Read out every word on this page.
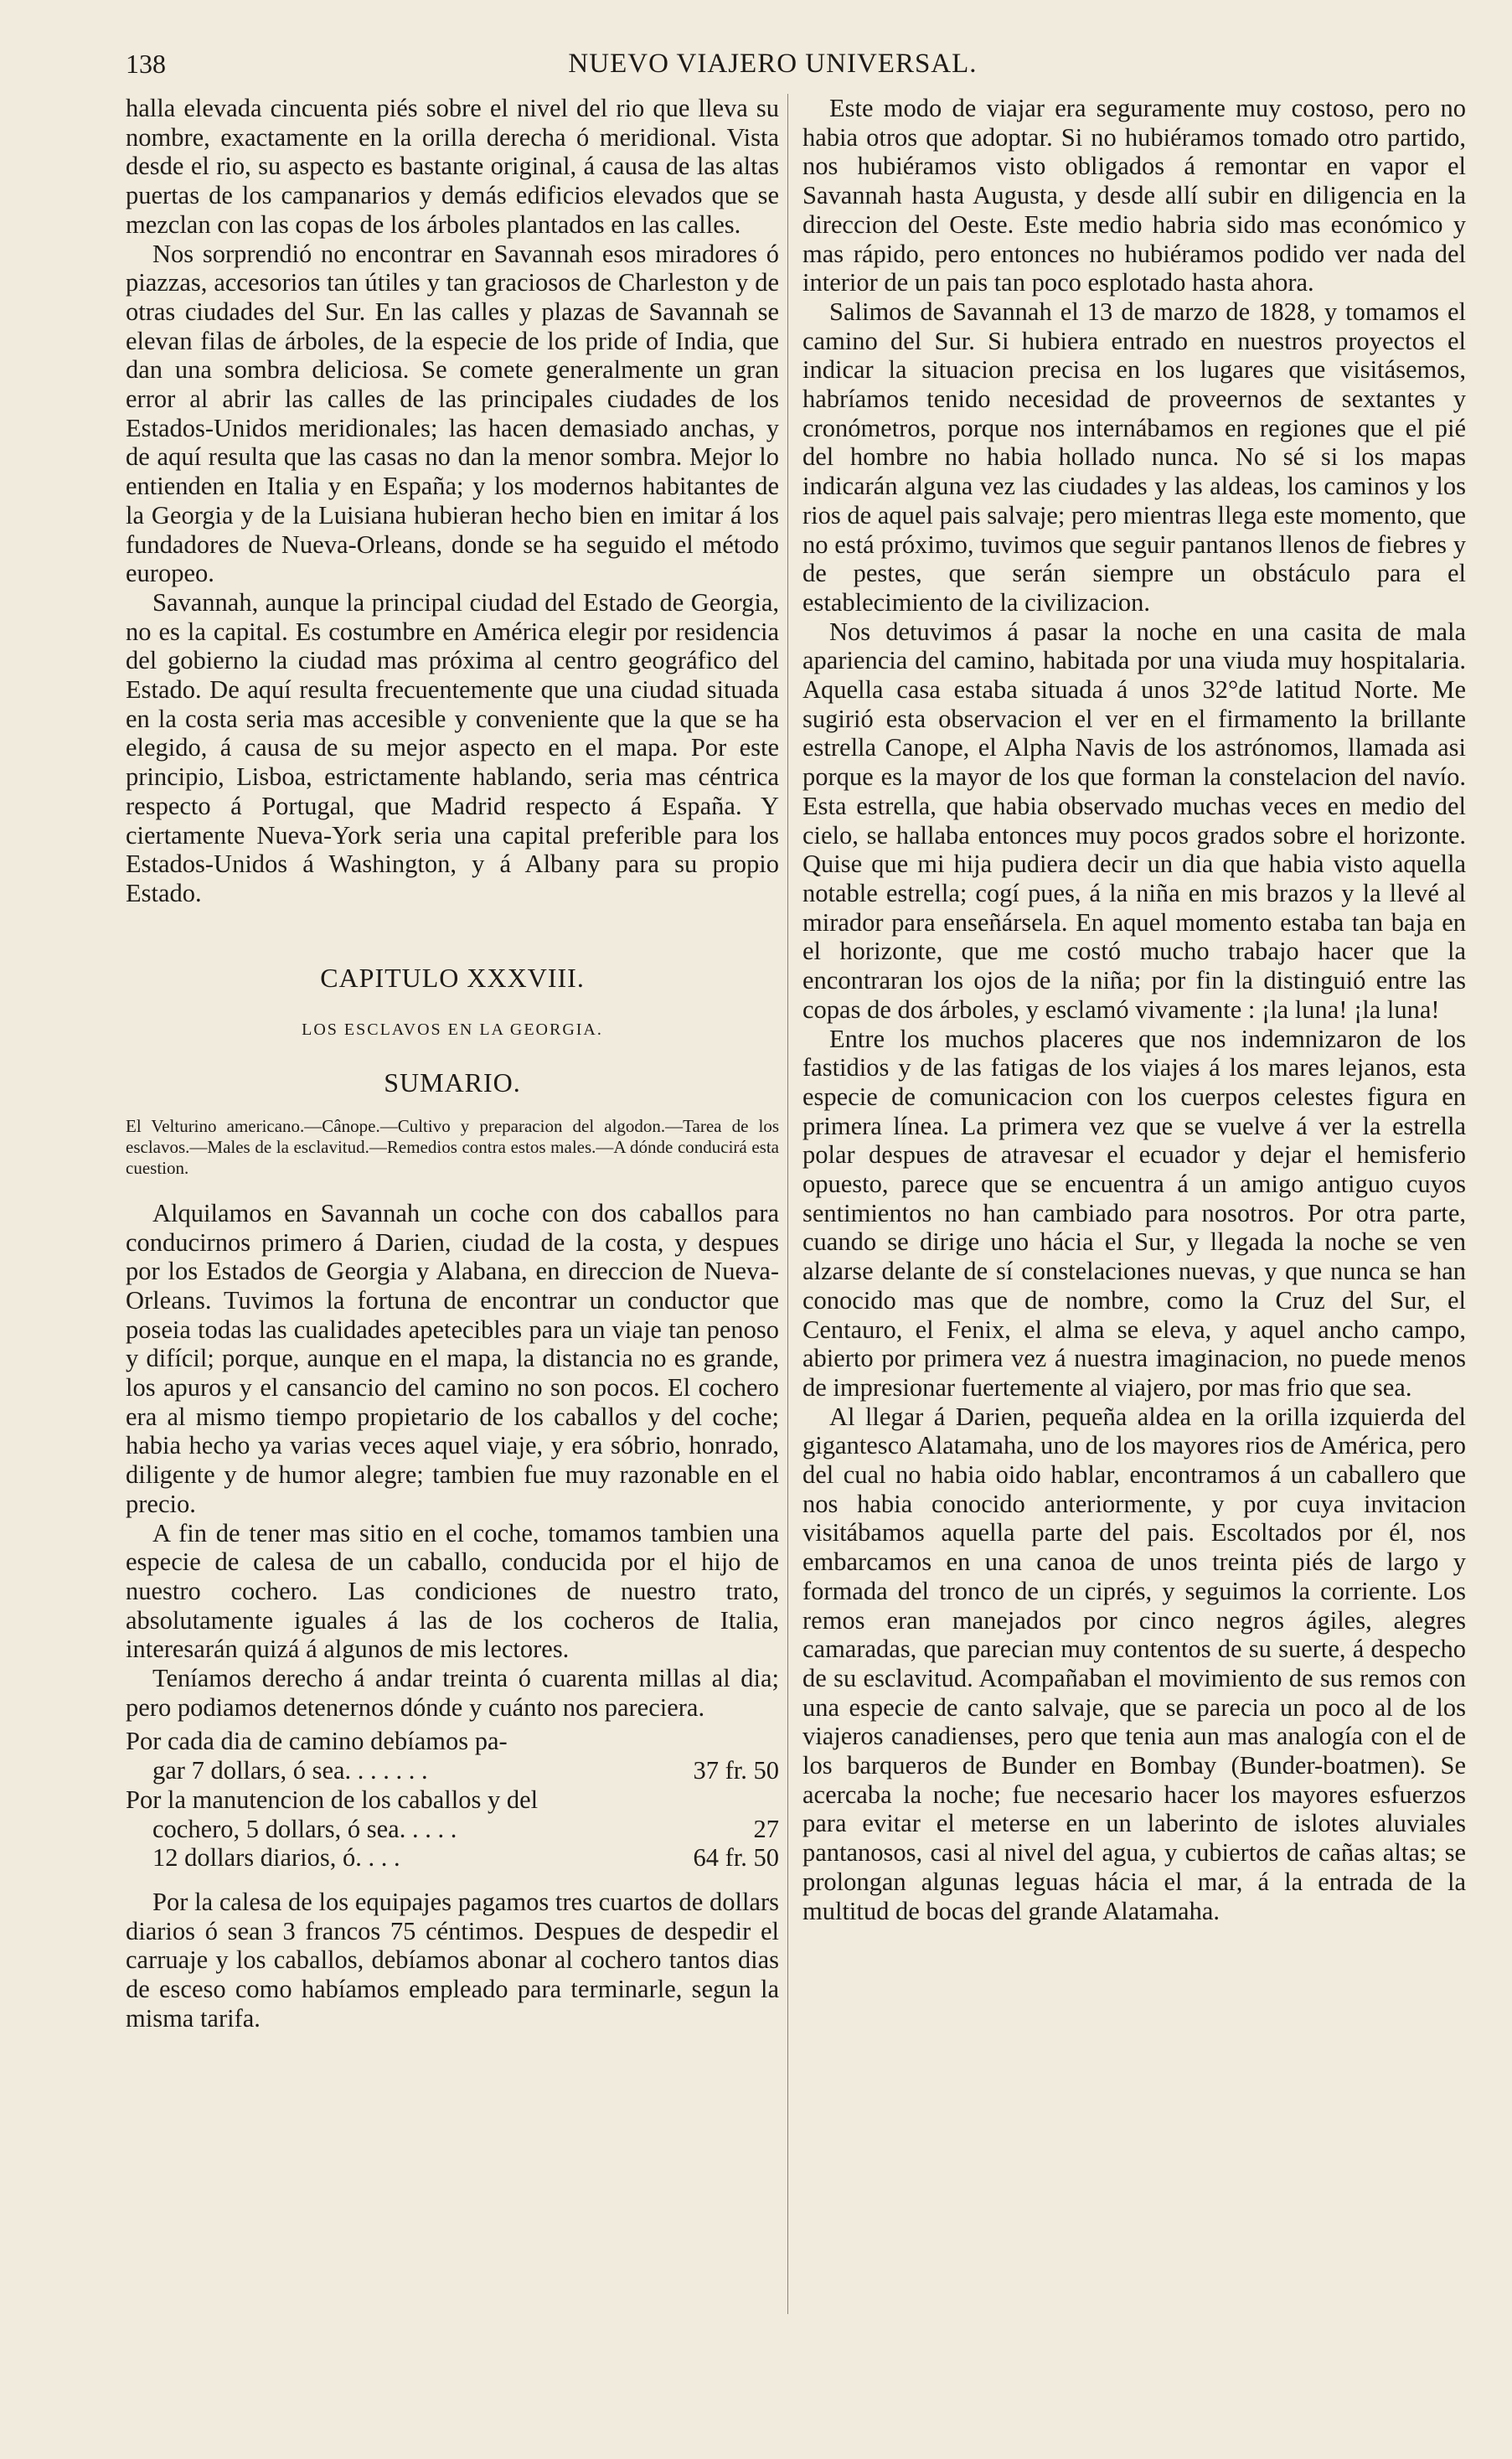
138	NUEVO VIAJERO UNIVERSAL.

halla elevada cincuenta piés sobre el nivel del rio que lleva su nombre, exactamente en la orilla derecha ó meridional. Vista desde el rio, su aspecto es bastante original, á causa de las altas puertas de los campanarios y demás edificios elevados que se mezclan con las copas de los árboles plantados en las calles.

Nos sorprendió no encontrar en Savannah esos miradores ó piazzas, accesorios tan útiles y tan graciosos de Charleston y de otras ciudades del Sur. En las calles y plazas de Savannah se elevan filas de árboles, de la especie de los pride of India, que dan una sombra deliciosa. Se comete generalmente un gran error al abrir las calles de las principales ciudades de los Estados-Unidos meridionales; las hacen demasiado anchas, y de aquí resulta que las casas no dan la menor sombra. Mejor lo entienden en Italia y en España; y los modernos habitantes de la Georgia y de la Luisiana hubieran hecho bien en imitar á los fundadores de Nueva-Orleans, donde se ha seguido el método europeo.

Savannah, aunque la principal ciudad del Estado de Georgia, no es la capital. Es costumbre en América elegir por residencia del gobierno la ciudad mas próxima al centro geográfico del Estado. De aquí resulta frecuentemente que una ciudad situada en la costa seria mas accesible y conveniente que la que se ha elegido, á causa de su mejor aspecto en el mapa. Por este principio, Lisboa, estrictamente hablando, seria mas céntrica respecto á Portugal, que Madrid respecto á España. Y ciertamente Nueva-York seria una capital preferible para los Estados-Unidos á Washington, y á Albany para su propio Estado.

CAPITULO XXXVIII.
LOS ESCLAVOS EN LA GEORGIA.
SUMARIO.
El Velturino americano.—Cânope.—Cultivo y preparacion del algodon.—Tarea de los esclavos.—Males de la esclavitud.—Remedios contra estos males.—A dónde conducirá esta cuestion.

Alquilamos en Savannah un coche con dos caballos para conducirnos primero á Darien, ciudad de la costa, y despues por los Estados de Georgia y Alabana, en direccion de Nueva-Orleans. Tuvimos la fortuna de encontrar un conductor que poseia todas las cualidades apetecibles para un viaje tan penoso y difícil; porque, aunque en el mapa, la distancia no es grande, los apuros y el cansancio del camino no son pocos. El cochero era al mismo tiempo propietario de los caballos y del coche; habia hecho ya varias veces aquel viaje, y era sóbrio, honrado, diligente y de humor alegre; tambien fue muy razonable en el precio.

A fin de tener mas sitio en el coche, tomamos tambien una especie de calesa de un caballo, conducida por el hijo de nuestro cochero. Las condiciones de nuestro trato, absolutamente iguales á las de los cocheros de Italia, interesarán quizá á algunos de mis lectores.

Teníamos derecho á andar treinta ó cuarenta millas al dia; pero podiamos detenernos dónde y cuánto nos pareciera.

Por cada dia de camino debíamos pa-
gar 7 dollars, ó sea. . . . . . .	37 fr. 50
Por la manutencion de los caballos y del
cochero, 5 dollars, ó sea. . . . .	27

12 dollars diarios, ó. . . .	64 fr. 50

Por la calesa de los equipajes pagamos tres cuartos de dollars diarios ó sean 3 francos 75 céntimos. Despues de despedir el carruaje y los caballos, debíamos abonar al cochero tantos dias de esceso como habíamos empleado para terminarle, segun la misma tarifa.

Este modo de viajar era seguramente muy costoso, pero no habia otros que adoptar. Si no hubiéramos tomado otro partido, nos hubiéramos visto obligados á remontar en vapor el Savannah hasta Augusta, y desde allí subir en diligencia en la direccion del Oeste. Este medio habria sido mas económico y mas rápido, pero entonces no hubiéramos podido ver nada del interior de un pais tan poco esplotado hasta ahora.

Salimos de Savannah el 13 de marzo de 1828, y tomamos el camino del Sur. Si hubiera entrado en nuestros proyectos el indicar la situacion precisa en los lugares que visitásemos, habríamos tenido necesidad de proveernos de sextantes y cronómetros, porque nos internábamos en regiones que el pié del hombre no habia hollado nunca. No sé si los mapas indicarán alguna vez las ciudades y las aldeas, los caminos y los rios de aquel pais salvaje; pero mientras llega este momento, que no está próximo, tuvimos que seguir pantanos llenos de fiebres y de pestes, que serán siempre un obstáculo para el establecimiento de la civilizacion.

Nos detuvimos á pasar la noche en una casita de mala apariencia del camino, habitada por una viuda muy hospitalaria. Aquella casa estaba situada á unos 32°de latitud Norte. Me sugirió esta observacion el ver en el firmamento la brillante estrella Canope, el Alpha Navis de los astrónomos, llamada asi porque es la mayor de los que forman la constelacion del navío. Esta estrella, que habia observado muchas veces en medio del cielo, se hallaba entonces muy pocos grados sobre el horizonte. Quise que mi hija pudiera decir un dia que habia visto aquella notable estrella; cogí pues, á la niña en mis brazos y la llevé al mirador para enseñársela. En aquel momento estaba tan baja en el horizonte, que me costó mucho trabajo hacer que la encontraran los ojos de la niña; por fin la distinguió entre las copas de dos árboles, y esclamó vivamente : ¡la luna! ¡la luna!

Entre los muchos placeres que nos indemnizaron de los fastidios y de las fatigas de los viajes á los mares lejanos, esta especie de comunicacion con los cuerpos celestes figura en primera línea. La primera vez que se vuelve á ver la estrella polar despues de atravesar el ecuador y dejar el hemisferio opuesto, parece que se encuentra á un amigo antiguo cuyos sentimientos no han cambiado para nosotros. Por otra parte, cuando se dirige uno hácia el Sur, y llegada la noche se ven alzarse delante de sí constelaciones nuevas, y que nunca se han conocido mas que de nombre, como la Cruz del Sur, el Centauro, el Fenix, el alma se eleva, y aquel ancho campo, abierto por primera vez á nuestra imaginacion, no puede menos de impresionar fuertemente al viajero, por mas frio que sea.

Al llegar á Darien, pequeña aldea en la orilla izquierda del gigantesco Alatamaha, uno de los mayores rios de América, pero del cual no habia oido hablar, encontramos á un caballero que nos habia conocido anteriormente, y por cuya invitacion visitábamos aquella parte del pais. Escoltados por él, nos embarcamos en una canoa de unos treinta piés de largo y formada del tronco de un ciprés, y seguimos la corriente. Los remos eran manejados por cinco negros ágiles, alegres camaradas, que parecian muy contentos de su suerte, á despecho de su esclavitud. Acompañaban el movimiento de sus remos con una especie de canto salvaje, que se parecia un poco al de los viajeros canadienses, pero que tenia aun mas analogía con el de los barqueros de Bunder en Bombay (Bunder-boatmen). Se acercaba la noche; fue necesario hacer los mayores esfuerzos para evitar el meterse en un laberinto de islotes aluviales pantanosos, casi al nivel del agua, y cubiertos de cañas altas; se prolongan algunas leguas hácia el mar, á la entrada de la multitud de bocas del grande Alatamaha.
